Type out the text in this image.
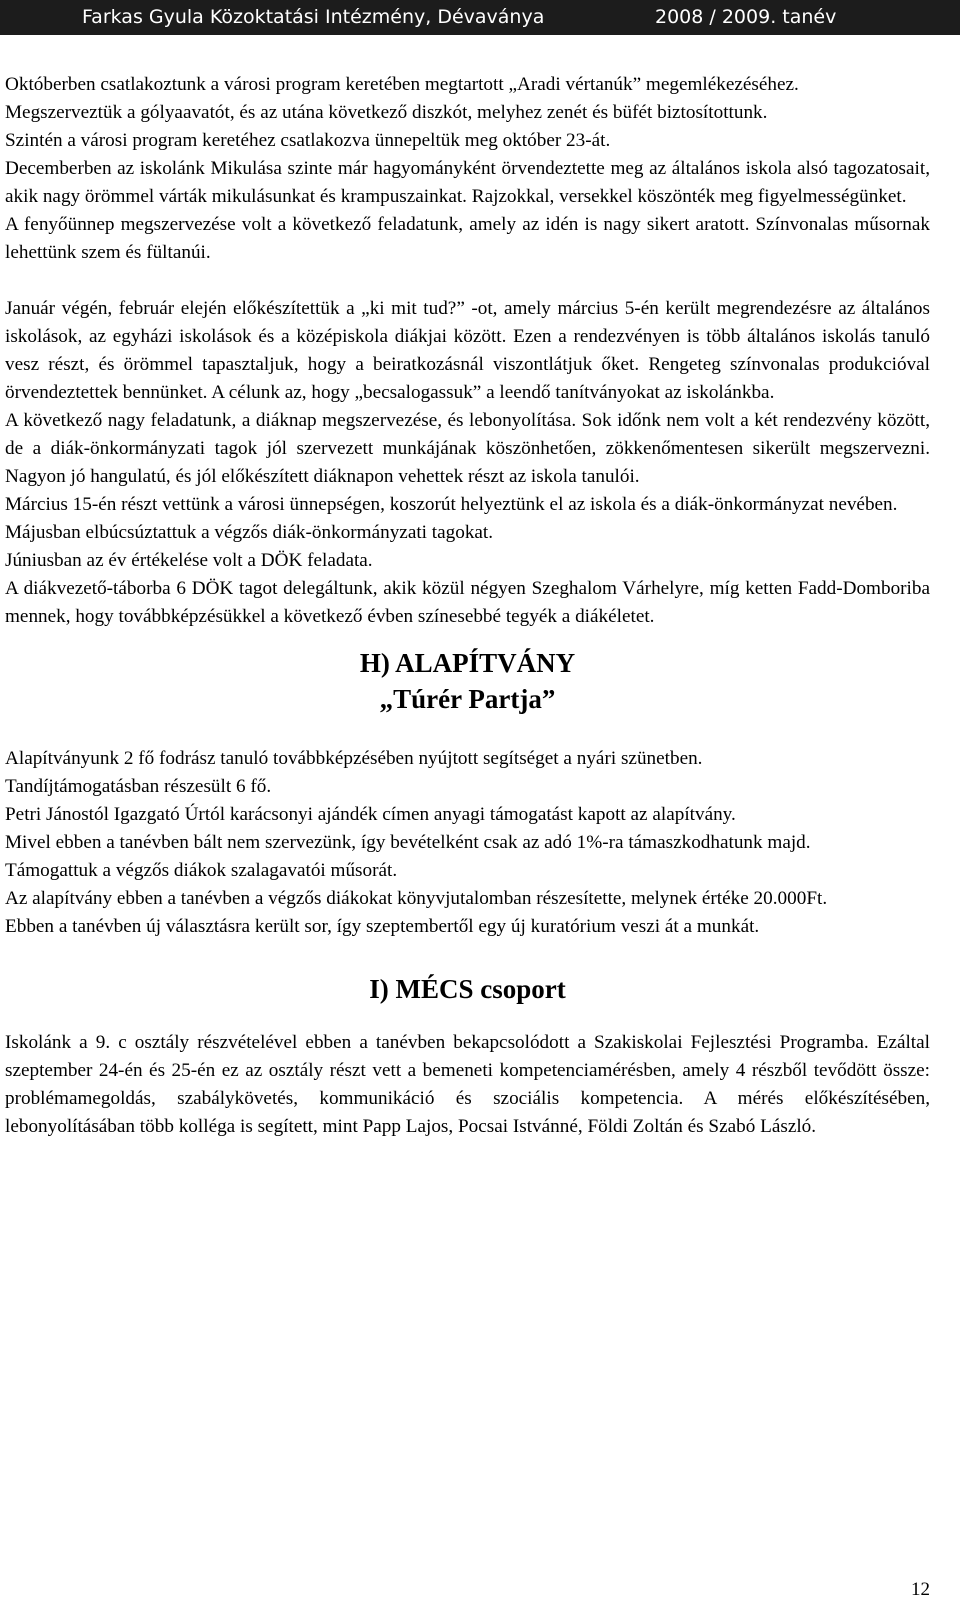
Farkas Gyula Közoktatási Intézmény, Dévaványa	2008 / 2009. tanév

Októberben csatlakoztunk a városi program keretében megtartott „Aradi vértanúk” megemlékezéséhez.

Megszerveztük a gólyaavatót, és az utána következő diszkót, melyhez zenét és büfét biztosítottunk.

Szintén a városi program keretéhez csatlakozva ünnepeltük meg október 23-át.

Decemberben az iskolánk Mikulása szinte már hagyományként örvendeztette meg az általános iskola alsó tagozatosait, akik nagy örömmel várták mikulásunkat és krampuszainkat. Rajzokkal, versekkel köszönték meg figyelmességünket.

A fenyőünnep megszervezése volt a következő feladatunk, amely az idén is nagy sikert aratott. Színvonalas műsornak lehettünk szem és fültanúi.

Január végén, február elején előkészítettük a „ki mit tud?” -ot, amely március 5-én került megrendezésre az általános iskolások, az egyházi iskolások és a középiskola diákjai között. Ezen a rendezvényen is több általános iskolás tanuló vesz részt, és örömmel tapasztaljuk, hogy a beiratkozásnál viszontlátjuk őket. Rengeteg színvonalas produkcióval örvendeztettek bennünket. A célunk az, hogy „becsalogassuk” a leendő tanítványokat az iskolánkba.

A következő nagy feladatunk, a diáknap megszervezése, és lebonyolítása. Sok időnk nem volt a két rendezvény között, de a diák-önkormányzati tagok jól szervezett munkájának köszönhetően, zökkenőmentesen sikerült megszervezni. Nagyon jó hangulatú, és jól előkészített diáknapon vehettek részt az iskola tanulói.

Március 15-én részt vettünk a városi ünnepségen, koszorút helyeztünk el az iskola és a diák-önkormányzat nevében.

Májusban elbúcsúztattuk a végzős diák-önkormányzati tagokat.

Júniusban az év értékelése volt a DÖK feladata.

A diákvezető-táborba 6 DÖK tagot delegáltunk, akik közül négyen Szeghalom Várhelyre, míg ketten Fadd-Domboriba mennek, hogy továbbképzésükkel a következő évben színesebbé tegyék a diákéletet.

H) ALAPÍTVÁNY
„Túrér Partja”

Alapítványunk 2 fő fodrász tanuló továbbképzésében nyújtott segítséget a nyári szünetben.

Tandíjtámogatásban részesült 6 fő.

Petri Jánostól Igazgató Úrtól karácsonyi ajándék címen anyagi támogatást kapott az alapítvány.

Mivel ebben a tanévben bált nem szervezünk, így bevételként csak az adó 1%-ra támaszkodhatunk majd.

Támogattuk a végzős diákok szalagavatói műsorát.

Az alapítvány ebben a tanévben a végzős diákokat könyvjutalomban részesítette, melynek értéke 20.000Ft.

Ebben a tanévben új választásra került sor, így szeptembertől egy új kuratórium veszi át a munkát.

I) MÉCS csoport

Iskolánk a 9. c osztály részvételével ebben a tanévben bekapcsolódott a Szakiskolai Fejlesztési Programba. Ezáltal szeptember 24-én és 25-én ez az osztály részt vett a bemeneti kompetenciamérésben, amely 4 részből tevődött össze: problémamegoldás, szabálykövetés, kommunikáció és szociális kompetencia. A mérés előkészítésében, lebonyolításában több kolléga is segített, mint Papp Lajos, Pocsai Istvánné, Földi Zoltán és Szabó László.

12
